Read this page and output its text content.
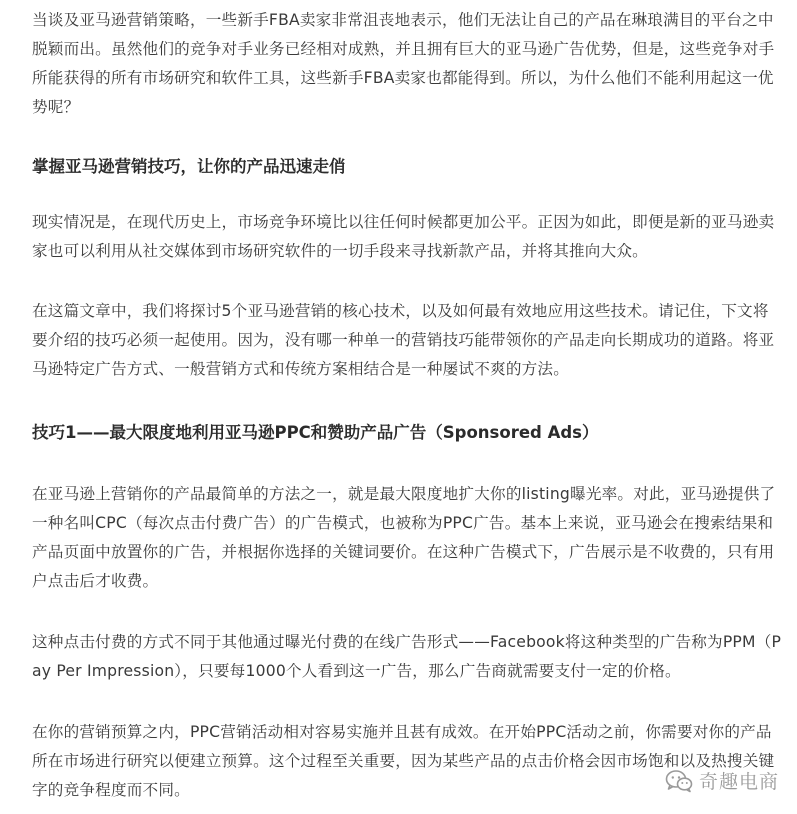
当谈及亚马逊营销策略，一些新手FBA卖家非常沮丧地表示，他们无法让自己的产品在琳琅满目的平台之中脱颖而出。虽然他们的竞争对手业务已经相对成熟，并且拥有巨大的亚马逊广告优势，但是，这些竞争对手所能获得的所有市场研究和软件工具，这些新手FBA卖家也都能得到。所以，为什么他们不能利用起这一优势呢？

掌握亚马逊营销技巧，让你的产品迅速走俏

现实情况是，在现代历史上，市场竞争环境比以往任何时候都更加公平。正因为如此，即便是新的亚马逊卖家也可以利用从社交媒体到市场研究软件的一切手段来寻找新款产品，并将其推向大众。

在这篇文章中，我们将探讨5个亚马逊营销的核心技术，以及如何最有效地应用这些技术。请记住，下文将要介绍的技巧必须一起使用。因为，没有哪一种单一的营销技巧能带领你的产品走向长期成功的道路。将亚马逊特定广告方式、一般营销方式和传统方案相结合是一种屡试不爽的方法。

技巧1——最大限度地利用亚马逊PPC和赞助产品广告（Sponsored Ads）

在亚马逊上营销你的产品最简单的方法之一，就是最大限度地扩大你的listing曝光率。对此，亚马逊提供了一种名叫CPC（每次点击付费广告）的广告模式，也被称为PPC广告。基本上来说，亚马逊会在搜索结果和产品页面中放置你的广告，并根据你选择的关键词要价。在这种广告模式下，广告展示是不收费的，只有用户点击后才收费。

这种点击付费的方式不同于其他通过曝光付费的在线广告形式——Facebook将这种类型的广告称为PPM（Pay Per Impression），只要每1000个人看到这一广告，那么广告商就需要支付一定的价格。

在你的营销预算之内，PPC营销活动相对容易实施并且甚有成效。在开始PPC活动之前，你需要对你的产品所在市场进行研究以便建立预算。这个过程至关重要，因为某些产品的点击价格会因市场饱和以及热搜关键字的竞争程度而不同。	奇趣电商
